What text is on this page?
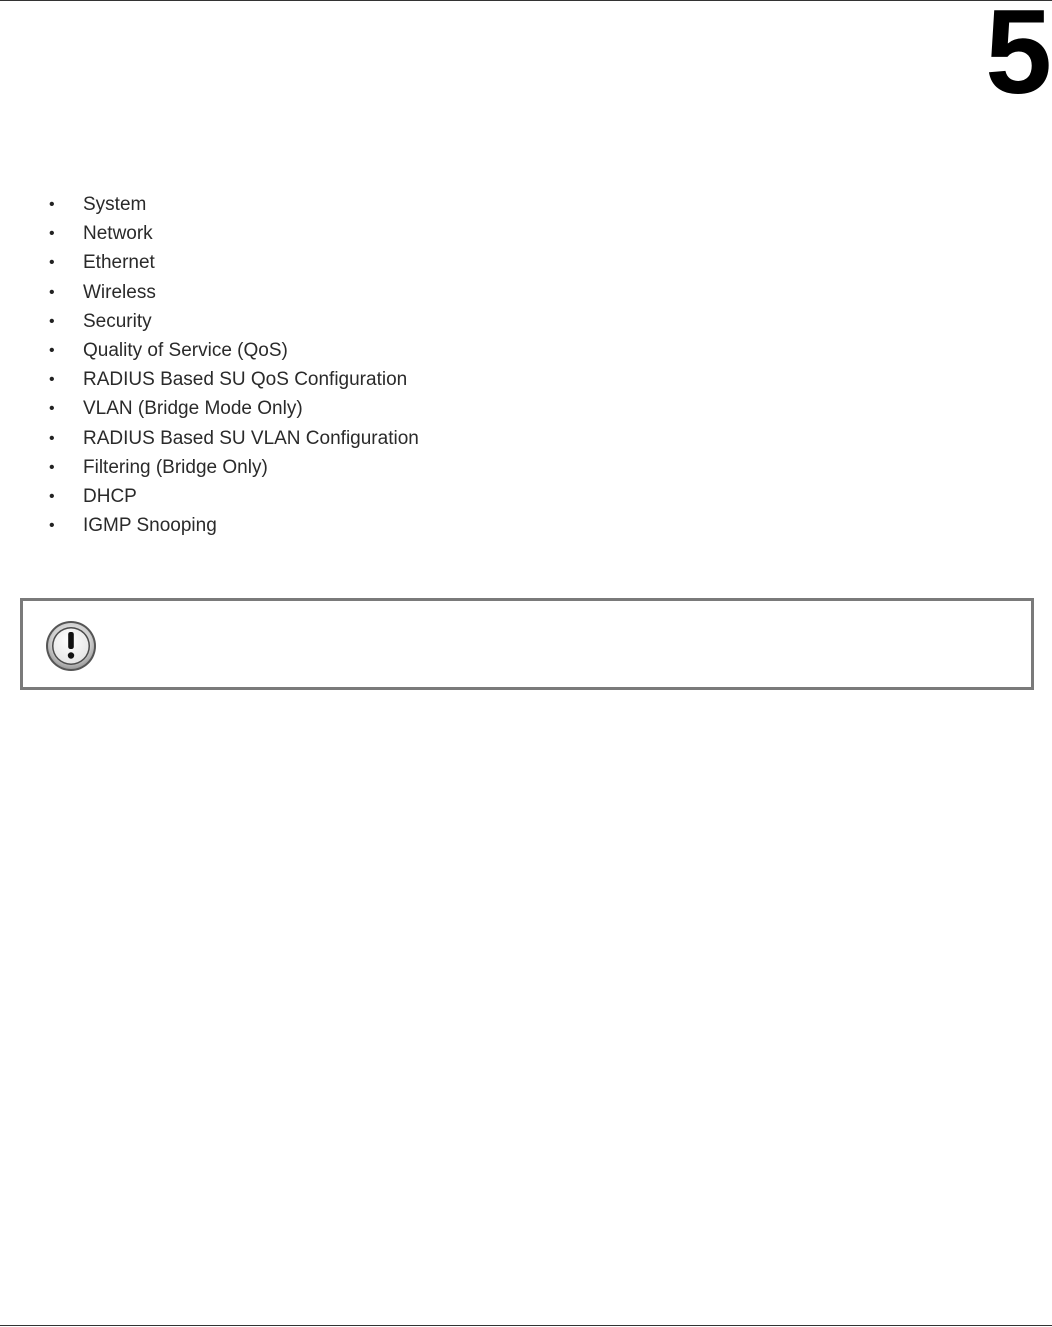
5
• System
• Network
• Ethernet
• Wireless
• Security
• Quality of Service (QoS)
• RADIUS Based SU QoS Configuration
• VLAN (Bridge Mode Only)
• RADIUS Based SU VLAN Configuration
• Filtering (Bridge Only)
• DHCP
• IGMP Snooping
